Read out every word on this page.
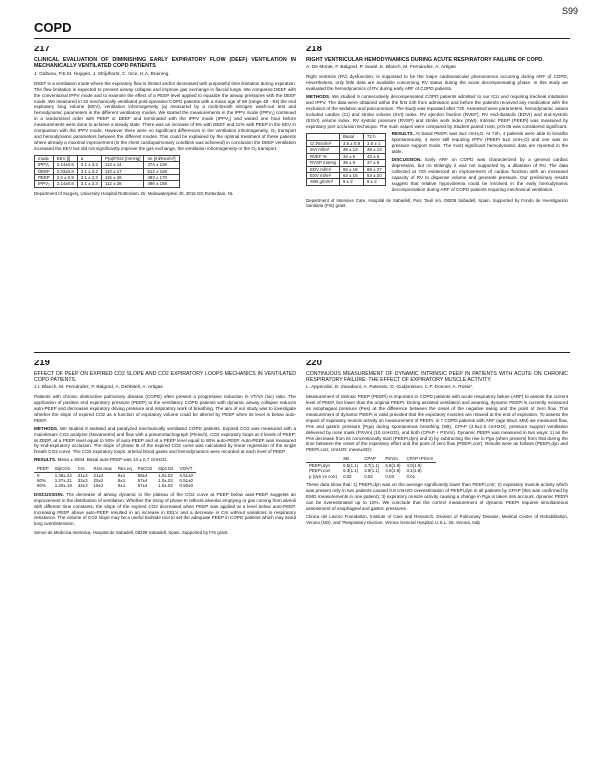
S99
COPD
217
CLINICAL EVALUATION OF DIMINISHING EARLY EXPIRATORY FLOW (DEEF) VENTILATION IN MECHANICALLY VENTILATED COPD PATIENTS
J. Gültuna, P.E.M. Huygen, J. Strijdhorst, C. Ince, H.A. Bruining.

DEEF is a ventilation mode where the expiratory flow is limited and/or decreased with purposeful time limitation during expiration. The flow limitation is expected to prevent airway collapse and improve gas exchange in flaccid lungs. We compared DEEF with the conventional IPPV mode and to examine the effect of a PEEP level applied to equalize the airway pressures with the DEEF mode. We measured in 32 mechanically ventilated post-operative COPD patients with a mean age of 69 (range 48 - 83) the end expiratory lung volume (EEV), ventilation inhomogeneity (a) measured by a multi-breath nitrogen wash-out test and hemodynamic parameters in the different ventilatory modes. We started the measurements in the IPPV mode (IPPV₁) continued in a randomised order with PEEP or DEEF and terminated with the IPPV mode (IPPV₂) and waited one hour before measurements were done to achieve a steady state. There was an increase of 9% with DEEF and 12% with PEEP in the EEV in comparison with the IPPV mode. However there were no significant differences in the ventilation inhomogeneity, O₂ transport and hemodynamic parameters between the different modes. This could be explained by the optimal treatment of these patients where already a maximal improvement (in the chest cardiopulmonary condition was achieved) in conclusion the DEEF ventilation increased the EEV but did not significantly improve the gas exchange, the ventilation inhomogeneity or the O₂ transport.

mode	EEV [l]	a	P(a)/FiO2 [mmHg]	Ve [ml/min/m²]
IPPV₁	2.14±0.8	3.1 ± 3.3	113 ± 14	474 ± 126
DEEF	2.33±0.8	3.1 ± 3.2	110 ± 17	512 ± 168
PEEP	2.4 ± 0.9	3.1 ± 2.3	115 ± 26	493 ± 170
IPPV₂	2.14±0.8	3.1 ± 3.3	112 ± 28	496 ± 168
Department of Surgery, University Hospital Rotterdam, Dr. Molewaterplein 40, 3015 GD Rotterdam, NL
218
RIGHT VENTRICULAR HEMODYNAMICS DURING ACUTE RESPIRATORY FAILURE OF COPD.
A. De Monte, F. Balgord, P. Sauté, E. Blanch, M. Fernández, A. Artigas

Right ventricle (RV) dysfunction, is supposed to be the major cardiovascular phenomenon occurring during ARF of COPD, nevertheless, only little data are available concerning RV status during the acute decompensating phase. In this study we evaluated the hemodynamics of RV during early ARF of COPD patients.

METHODS. We studied 9 consecutively decompensated COPD patients admitted to our ICU and requiring tracheal intubation and IPPV. The data were obtained within the first 24h from admission and before the patients received any medication with the exclusion of the sedation and pancuronium. The study was repeated after 72h. Assessed were parameters, hemodynamic values included cardiac (CI) and stroke volume (SVI) index, RV ejection fraction (RVEF), RV end-diastolic (EDVI) and end-systolic (ESVI) volume index, RV systolic pressure (RVSP) and stroke work index (SWI). Intrinsic PEEP (PEEPi) was measured by expiratory port occlusion technique. The main values were compared by Student paired t test, p<0.05 was considered significant.

	Basal	72 h
CI l/min/m²	3.5 ± 0.9	3.8 ± 1
SVI ml/m²	39 ± 13	38 ± 13
RVEF %	34 ± 8	40 ± 6
RVSP mmHg	39 ± 9	37 ± 8
EDV ml/m²	93 ± 18	86 ± 27
ESV ml/m²	63 ± 15	53 ± 20
SWI g/m/m²	9 ± 2	8 ± 2

RESULTS. At basal PEEPi was 8±2 cmH₂O. At 72h, 4 patients were able to breathe spontaneously, 4 were still requiring IPPV (PEEPi 5±2 cmH₂O) and one was on pressure support mode. The most significant hemodynamic data are reported in the table.

DISCUSSION. Early ARF on COPD was characterized by a general cardiac depression, but no strikingly it was not supported by a dilatation of RV. The data collected at 72h evidenced an improvement of cardiac function with an increased capacity of RV to dispense volume and generate pressure. Our preliminary results suggest that relative hypovolemia could be involved in the early hemodynamic decompensation during ARF of COPD patients requiring mechanical ventilation.

Department of Intensive Care, Hospital de Sabadell, Parc Taulí s/n, 08208 Sabadell, Spain. Supported by Fondo de Investigación Sanitaria (FIS) grant.
219
EFFECT OF PEEP ON EXPIRED CO2 SLOPE AND CO2 EXPIRATORY LOOPS MECHANICS IN VENTILATED COPD PATIENTS.
J.I. Blanch, M. Fernández, F. Balgord, A. Dehbiteli, A. Artigas

Patients with chronic obstructive pulmonary disease (COPD) often present a progressive reduction in VT/VA (sic) ratio. The application of positive end expiratory pressure (PEEP) to the ventilatory COPD patients with dynamic airway collapse reduces auto-PEEP and decreases expiratory driving pressure and inspiratory work of breathing. The aim of our study was to investigate whether the slope of expired CO2 as a function of expiratory volume could be altered by PEEP when its level is below auto-PEEP.

METHODS. We studied 8 sedated and paralyzed mechanically ventilated COPD patients. Expired CO2 was measured with a mainstream CO2 analyzer (Novametrix) and flow with a pneumotachograph (Fleisch). CO2 expiratory loops at 3 levels of PEEP: at ZEEP, at a PEEP level equal to 50% of auto-PEEP and at a PEEP level equal to 80% auto-PEEP. Auto-PEEP was measured by end-expiratory occlusion. The slope of phase III of the expired CO2 curve was calculated by linear regression of the single breath CO2 curve. The CO2 expiratory loops, arterial blood gases and hemodynamics were recorded at each level of PEEP.

RESULTS. Mean ± SEM. Basal auto-PEEP was 13 ± 0.7 cmH2O.

PEEP	SlpCO2	Crs	Rins max	Res eq	PaCO2	SlpCO2	VD/VT
0	1.48±.24	31±3	21±2	9±1	58±4	1.0±.02	0.51±0
50%	1.37±.21	32±3	20±2	9±1	57±4	1.0±.03	0.51±0
80%	1.30±.19	32±3	19±2	9±1	57±4	1.0±.02	0.50±0

DISCUSSION. The decrease of airway dynamic in the plateau of the CO2 curve at PEEP below auto-PEEP suggests an improvement in the distribution of ventilation. Whether the rising of phase III reflects alveolar emptying or gas coming from alveoli with different time constants, the slope of the expired CO2 decreased when PEEP was applied at a level below auto-PEEP. Increasing PEEP above auto-PEEP resulted in an increase in EELV and a decrease in Crs without variations in respiratory resistance. The volume of CO2 slope may be a useful bedside tool to set the adequate PEEP in COPD patients which may avoid lung overdistension.

Servei de Medicina Intensiva, Hospital de Sabadell, 08208 Sabadell, Spain. Supported by FIS grant.
220
CONTINUOUS MEASUREMENT OF DYNAMIC INTRINSIC PEEP IN PATIENTS WITH ACUTE ON CHRONIC RESPIRATORY FAILURE: THE EFFECT OF EXPIRATORY MUSCLE ACTIVITY.
L. Appendini, E. Zanaboni, A. Patessio, D. Gudjonsson, C.F. Donner, A. Rossi*.

Measurement of intrinsic PEEP (PEEPi) is important in COPD patients with acute respiratory failure (ARF) to assess the current level of PEEP, but lower than the original PEEPi. During assisted ventilation and weaning, dynamic PEEPi is currently measured as esophageal pressure (Pes) at the difference between the onset of the negative swing and the point of zero flow. This measurement of dynamic PEEPi is valid provided that the expiratory muscles are relaxed at the end of expiration. To assess the impact of expiratory muscle activity on measurement of PEEPi, in 7 COPD patients with ARF (age 66±3, MM) we measured flow, Pes and gastric pressure (Pga) during spontaneous breathing (SB), CPAP (4.8±1.6 cmH2O), pressure support ventilation delivered by nose mask (PSVm) (10 cmH2O), and both (CPAP + PSVm). Dynamic PEEPi was measured in two ways: 1) as the Pes decrease from its conventionally start (PEEPi,dyn) and 2) by subtracting the rise in Pga (when present) from that during the time between the onset of the expiratory effort and the point of zero flow (PEEPi,corr). Results were as follows (PEEPi,dyn and PEEPi,corr, cmH2O; mean±SD):

	SB	CPAP	PSVm	CPAP+PSVm
PEEPi,dyn	6.5(1.1)	3.7(1.1)	5.8(1.9)	4.0(1.9)
PEEPi,corr	5.3(1.1)	2.9(1.1)	4.6(1.9)	3.1(1.8)
p (dyn vs corr)	0.02	0.02	0.03	0.01

These data show that: 1) PEEPi,dyn was on the average significantly lower than PEEPi,corr; 2) expiratory muscle activity which was present only in two patients caused 0.8 cmH2O overestimation of PEEPi,dyn in all patients by CPAP (this was confirmed by EMG measurements in one patient); 3) expiratory muscle activity causing a change in Pga is taken into account, dynamic PEEPi can be overestimated up to 15%. We conclude that the correct measurement of dynamic PEEPi requires simultaneous assessment of esophageal and gastric pressures.

Clinica del Lavoro Foundation, Institute of Care and Research, Division of Pulmonary Disease, Medical Center of Rehabilitation, Veruno (NO), and *Respiratory Division, Verona General Hospital, U.S.L. 25, Verona, Italy
